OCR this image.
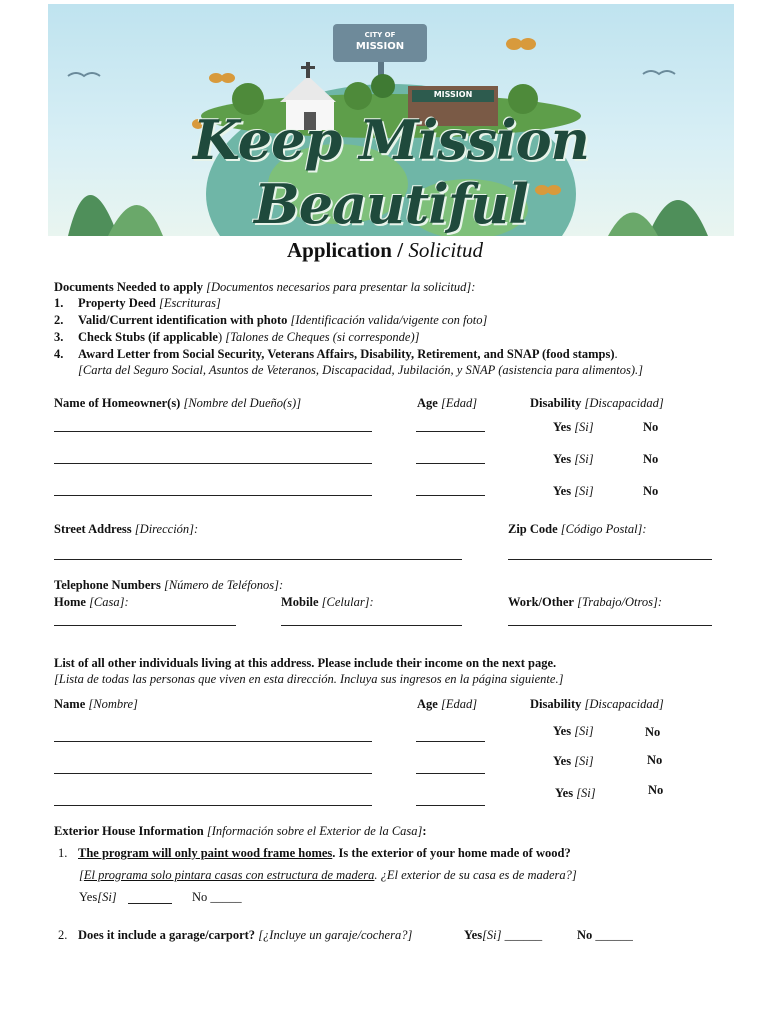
CITY OF
MISSION
MISSION
Keep Mission Beautiful
Application / Solicitud
Documents Needed to apply [Documentos necesarios para presentar la solicitud]:
1. Property Deed [Escrituras]
2. Valid/Current identification with photo [Identificación valida/vigente con foto]
3. Check Stubs (if applicable) [Talones de Cheques (si corresponde)]
4. Award Letter from Social Security, Veterans Affairs, Disability, Retirement, and SNAP (food stamps).
[Carta del Seguro Social, Asuntos de Veteranos, Discapacidad, Jubilación, y SNAP (asistencia para alimentos).]
Name of Homeowner(s) [Nombre del Dueño(s)]	Age [Edad]	Disability [Discapacidad]
Yes [Si]	No
Yes [Si]	No
Yes [Si]	No
Street Address [Dirección]:	Zip Code [Código Postal]:
Telephone Numbers [Número de Teléfonos]:
Home [Casa]:	Mobile [Celular]:	Work/Other [Trabajo/Otros]:
List of all other individuals living at this address. Please include their income on the next page.
[Lista de todas las personas que viven en esta dirección. Incluya sus ingresos en la página siguiente.]
Name [Nombre]	Age [Edad]	Disability [Discapacidad]
Yes [Si]	No
Yes [Si]	No
Yes [Si]	No
Exterior House Information [Información sobre el Exterior de la Casa]:
1. The program will only paint wood frame homes. Is the exterior of your home made of wood?
[El programa solo pintara casas con estructura de madera. ¿El exterior de su casa es de madera?]
Yes[Si]	No _____
2. Does it include a garage/carport? [¿Incluye un garaje/cochera?]	Yes[Si] ______	No ______
